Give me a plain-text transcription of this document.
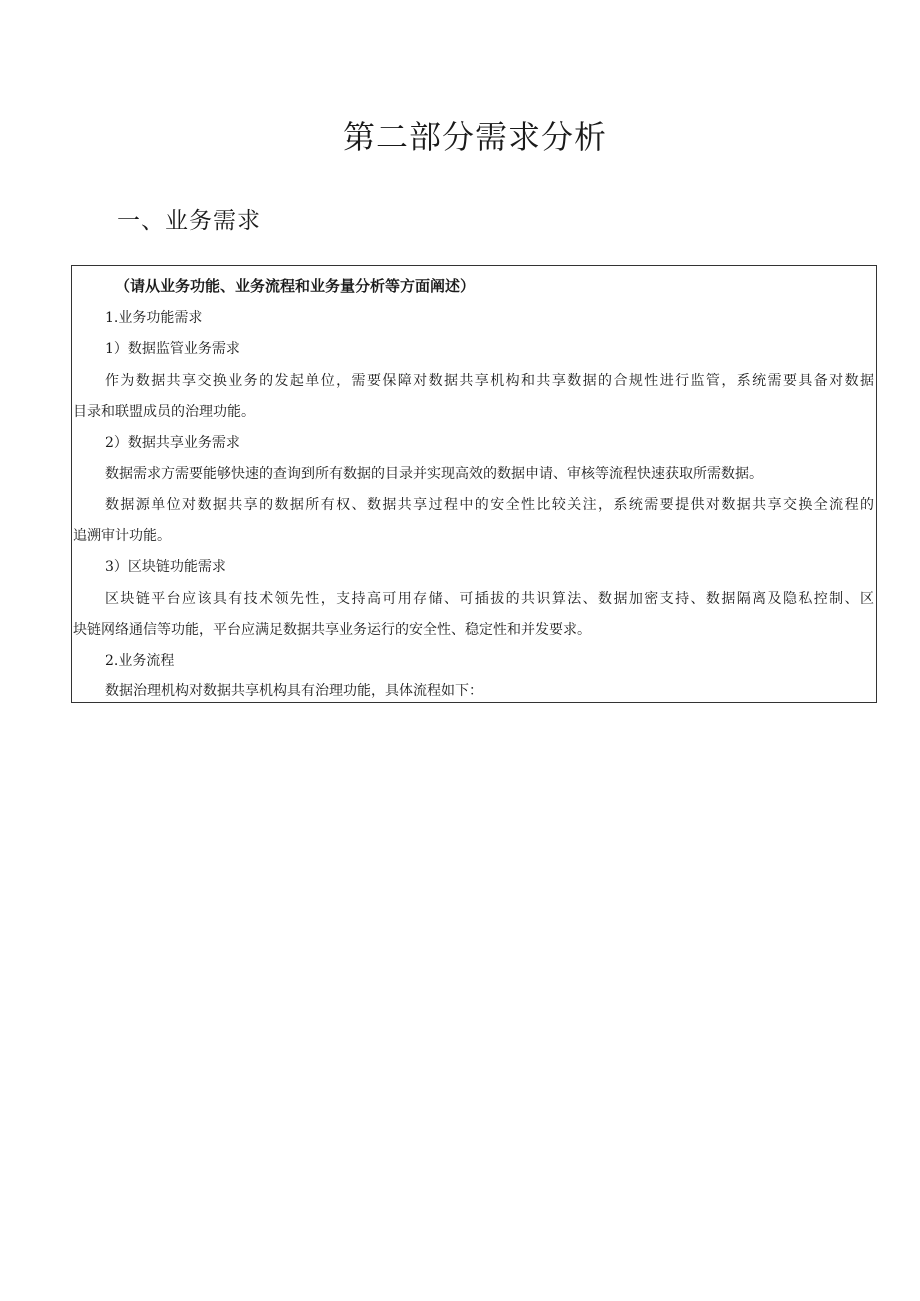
第二部分需求分析
一、业务需求
（请从业务功能、业务流程和业务量分析等方面阐述）
1.业务功能需求
1）数据监管业务需求
作为数据共享交换业务的发起单位，需要保障对数据共享机构和共享数据的合规性进行监管，系统需要具备对数据
目录和联盟成员的治理功能。
2）数据共享业务需求
数据需求方需要能够快速的查询到所有数据的目录并实现高效的数据申请、审核等流程快速获取所需数据。
数据源单位对数据共享的数据所有权、数据共享过程中的安全性比较关注，系统需要提供对数据共享交换全流程的
追溯审计功能。
3）区块链功能需求
区块链平台应该具有技术领先性，支持高可用存储、可插拔的共识算法、数据加密支持、数据隔离及隐私控制、区
块链网络通信等功能，平台应满足数据共享业务运行的安全性、稳定性和并发要求。
2.业务流程
数据治理机构对数据共享机构具有治理功能，具体流程如下：
